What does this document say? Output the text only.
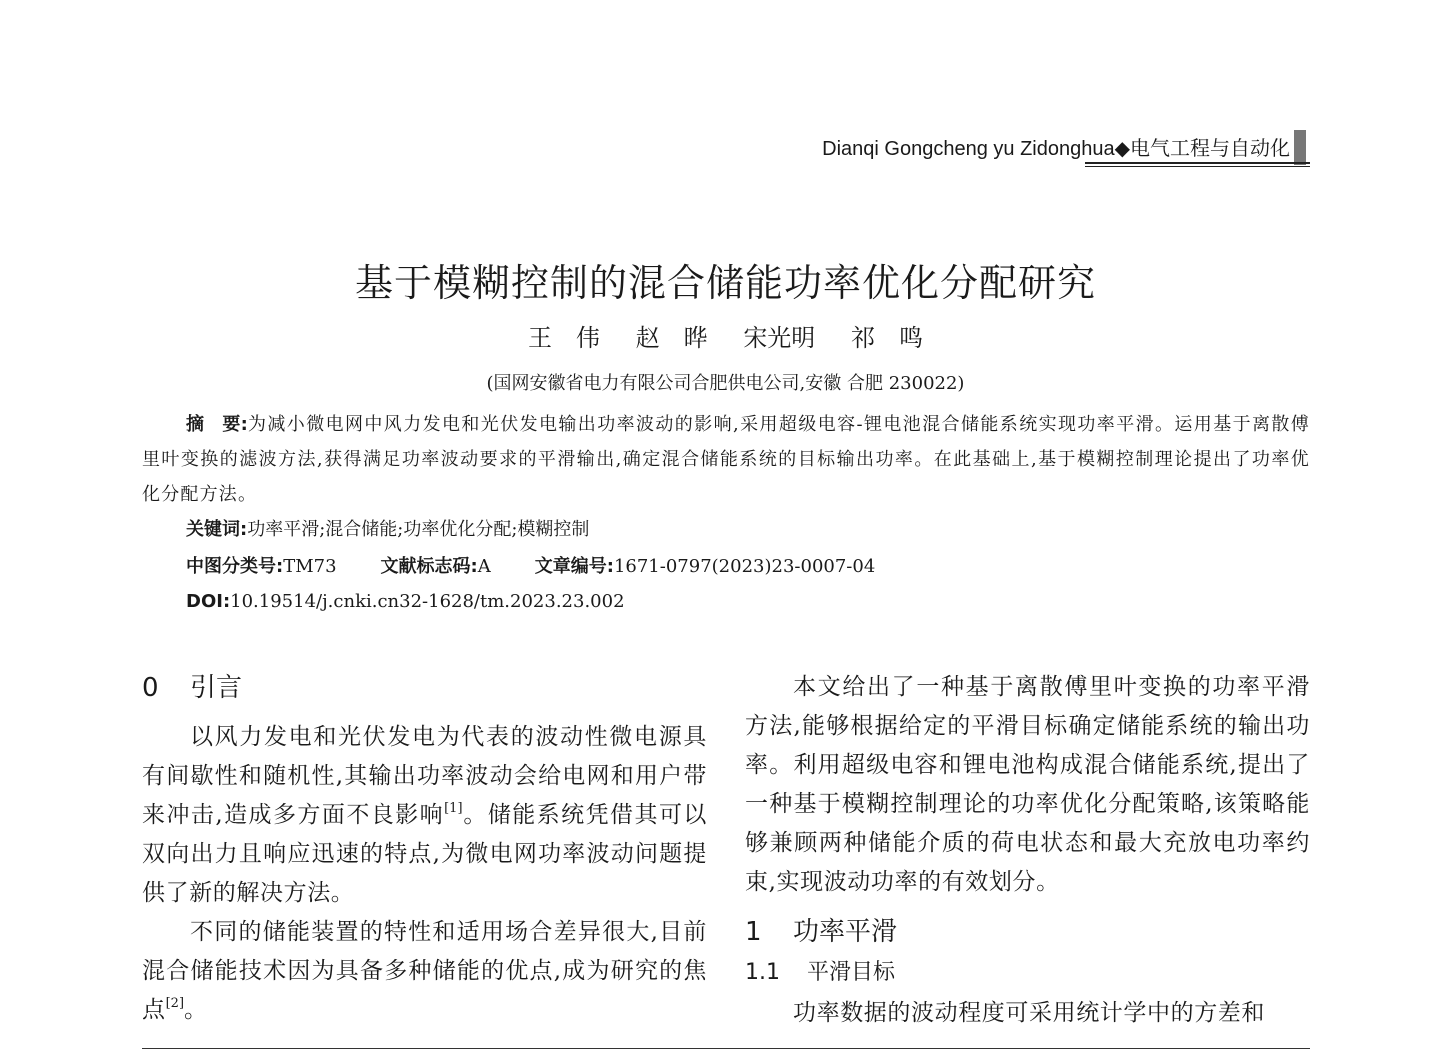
Dianqi Gongcheng yu Zidonghua◆电气工程与自动化
基于模糊控制的混合储能功率优化分配研究
王　伟 赵　晔 宋光明 祁　鸣
(国网安徽省电力有限公司合肥供电公司,安徽 合肥 230022)

摘　要:为减小微电网中风力发电和光伏发电输出功率波动的影响,采用超级电容-锂电池混合储能系统实现功率平滑。运用基于离散傅里叶变换的滤波方法,获得满足功率波动要求的平滑输出,确定混合储能系统的目标输出功率。在此基础上,基于模糊控制理论提出了功率优化分配方法。

关键词:功率平滑;混合储能;功率优化分配;模糊控制
中图分类号:TM73 文献标志码:A 文章编号:1671-0797(2023)23-0007-04
DOI:10.19514/j.cnki.cn32-1628/tm.2023.23.002
0 引言

以风力发电和光伏发电为代表的波动性微电源具有间歇性和随机性,其输出功率波动会给电网和用户带来冲击,造成多方面不良影响[1]。储能系统凭借其可以双向出力且响应迅速的特点,为微电网功率波动问题提供了新的解决方法。

不同的储能装置的特性和适用场合差异很大,目前混合储能技术因为具备多种储能的优点,成为研究的焦点[2]。

本文给出了一种基于离散傅里叶变换的功率平滑方法,能够根据给定的平滑目标确定储能系统的输出功率。利用超级电容和锂电池构成混合储能系统,提出了一种基于模糊控制理论的功率优化分配策略,该策略能够兼顾两种储能介质的荷电状态和最大充放电功率约束,实现波动功率的有效划分。

1 功率平滑
1.1 平滑目标

功率数据的波动程度可采用统计学中的方差和
